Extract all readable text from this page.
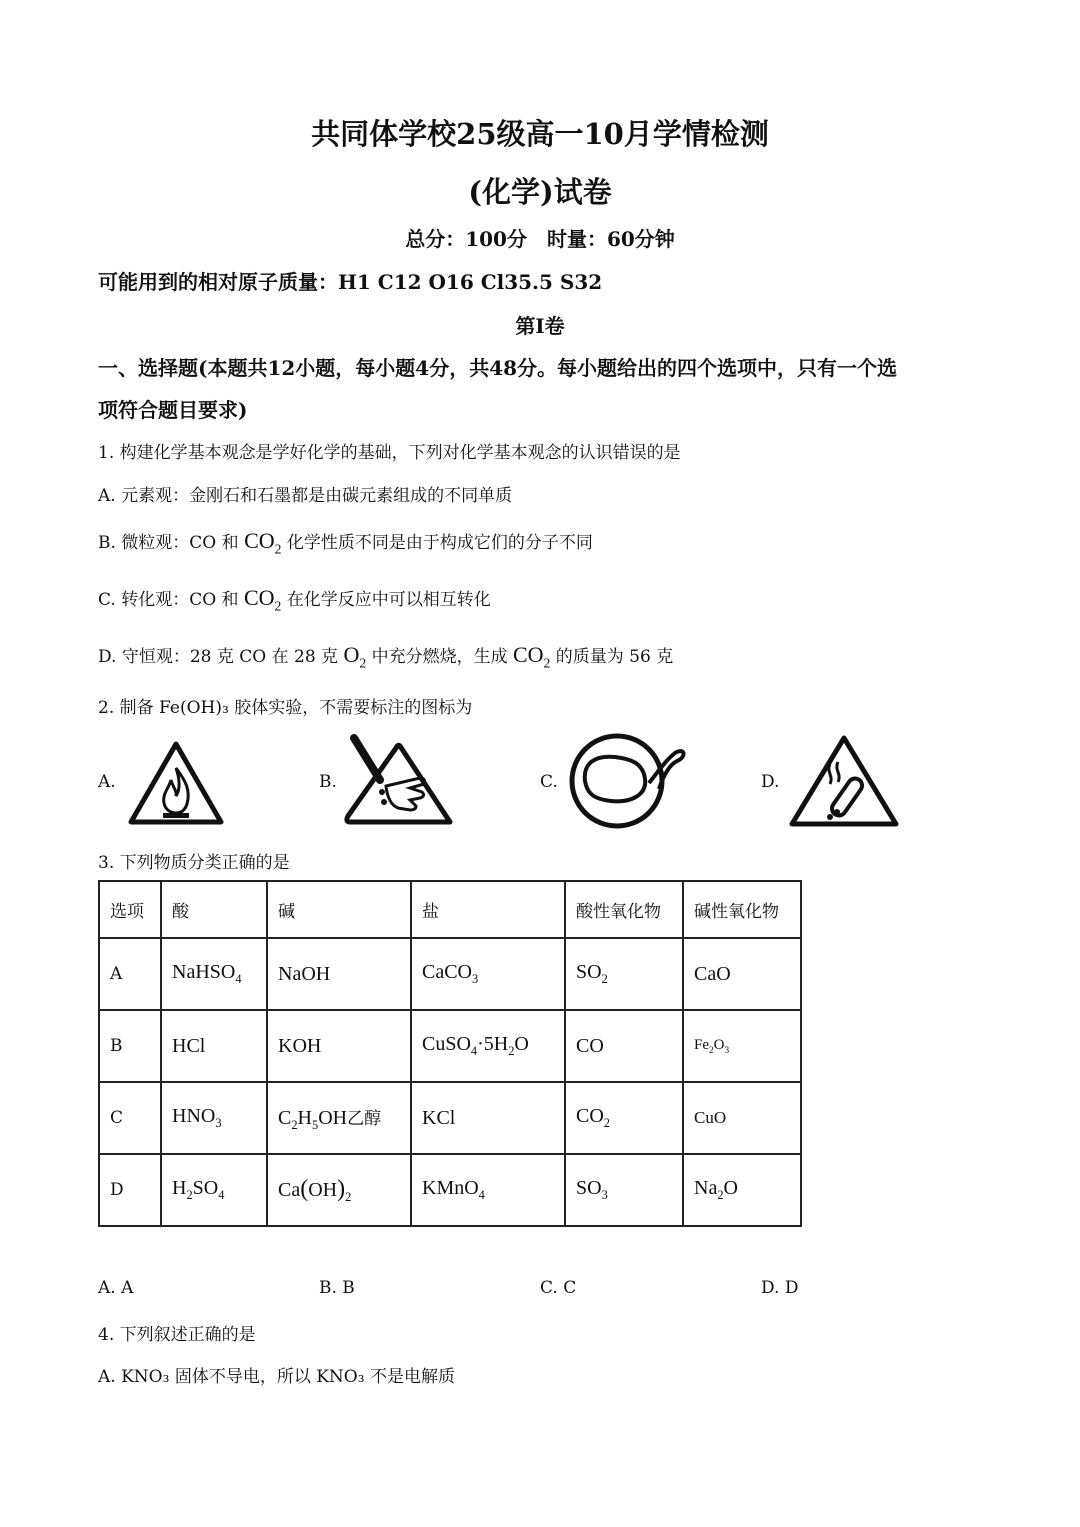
共同体学校25级高一10月学情检测
(化学)试卷
总分：100分　时量：60分钟
可能用到的相对原子质量：H1 C12 O16 Cl35.5 S32
第Ⅰ卷
一、选择题(本题共12小题，每小题4分，共48分。每小题给出的四个选项中，只有一个选
项符合题目要求)
1. 构建化学基本观念是学好化学的基础，下列对化学基本观念的认识错误的是
A. 元素观：金刚石和石墨都是由碳元素组成的不同单质
B. 微粒观：CO 和 $CO_2$ 化学性质不同是由于构成它们的分子不同
C. 转化观：CO 和 $CO_2$ 在化学反应中可以相互转化
D. 守恒观：28 克 CO 在 28 克 $O_2$ 中充分燃烧，生成 $CO_2$ 的质量为 56 克
2. 制备 Fe(OH)₃ 胶体实验，不需要标注的图标为
A.	B.	C.	D.
3. 下列物质分类正确的是
选项	酸	碱	盐	酸性氧化物	碱性氧化物
A	NaHSO$_4$	NaOH	CaCO$_3$	$SO_2$	CaO
B	HCl	KOH	$CuSO_4\cdot 5H_2O$	CO	$Fe_2O_3$
C	$HNO_3$	$C_2H_5OH$乙醇	KCl	$CO_2$	CuO
D	$H_2SO_4$	$Ca(OH)_2$	KMnO$_4$	$SO_3$	$Na_2O$
A. A	B. B	C. C	D. D
4. 下列叙述正确的是
A. KNO₃ 固体不导电，所以 KNO₃ 不是电解质
